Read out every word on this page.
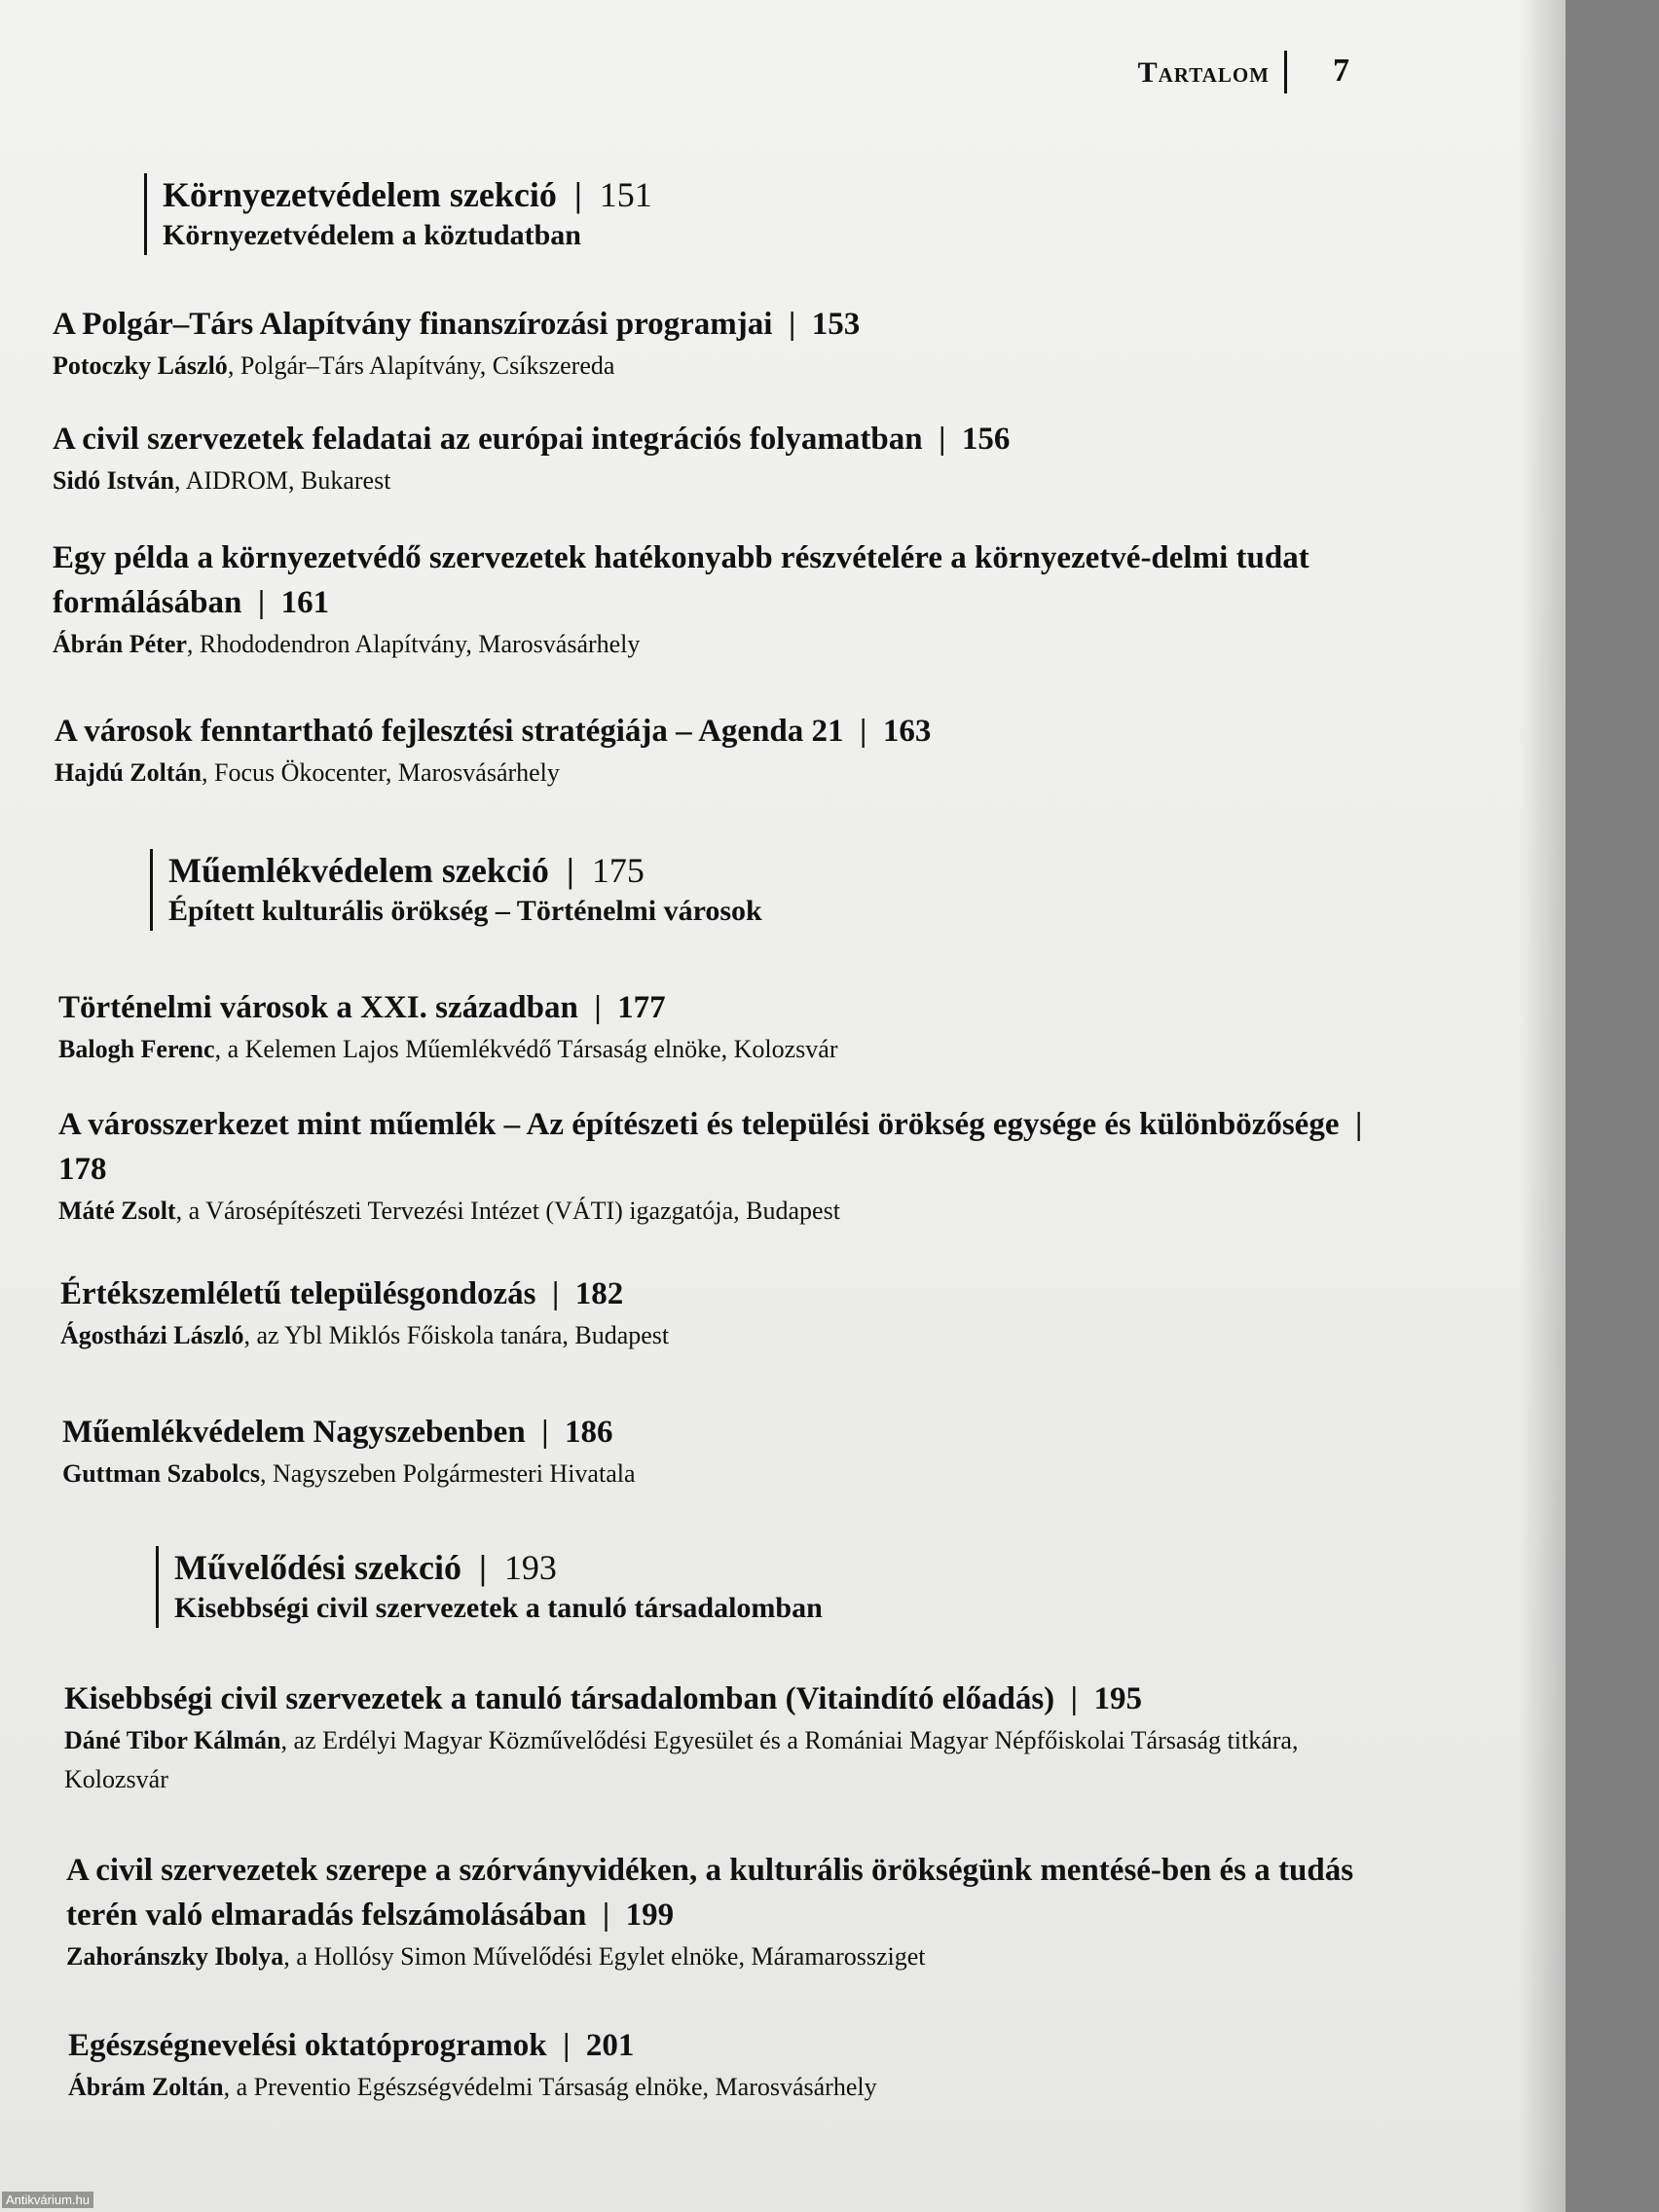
Tartalom 7
Környezetvédelem szekció  |  151
Környezetvédelem a köztudatban
A Polgár–Társ Alapítvány finanszírozási programjai  |  153
Potoczky László, Polgár–Társ Alapítvány, Csíkszereda
A civil szervezetek feladatai az európai integrációs folyamatban  |  156
Sidó István, AIDROM, Bukarest
Egy példa a környezetvédő szervezetek hatékonyabb részvételére a környezetvé-delmi tudat formálásában  |  161
Ábrán Péter, Rhododendron Alapítvány, Marosvásárhely
A városok fenntartható fejlesztési stratégiája – Agenda 21  |  163
Hajdú Zoltán, Focus Ökocenter, Marosvásárhely
Műemlékvédelem szekció  |  175
Épített kulturális örökség – Történelmi városok
Történelmi városok a XXI. században  |  177
Balogh Ferenc, a Kelemen Lajos Műemlékvédő Társaság elnöke, Kolozsvár
A városszerkezet mint műemlék – Az építészeti és települési örökség egysége és különbözősége  |  178
Máté Zsolt, a Városépítészeti Tervezési Intézet (VÁTI) igazgatója, Budapest
Értékszemléletű településgondozás  |  182
Ágostházi László, az Ybl Miklós Főiskola tanára, Budapest
Műemlékvédelem Nagyszebenben  |  186
Guttman Szabolcs, Nagyszeben Polgármesteri Hivatala
Művelődési szekció  |  193
Kisebbségi civil szervezetek a tanuló társadalomban
Kisebbségi civil szervezetek a tanuló társadalomban (Vitaindító előadás)  |  195
Dáné Tibor Kálmán, az Erdélyi Magyar Közművelődési Egyesület és a Romániai Magyar Népfőiskolai Társaság titkára, Kolozsvár
A civil szervezetek szerepe a szórványvidéken, a kulturális örökségünk mentésé-ben és a tudás terén való elmaradás felszámolásában  |  199
Zahoránszky Ibolya, a Hollósy Simon Művelődési Egylet elnöke, Máramarossziget
Egészségnevelési oktatóprogramok  |  201
Ábrám Zoltán, a Preventio Egészségvédelmi Társaság elnöke, Marosvásárhely
Antikvárium.hu
